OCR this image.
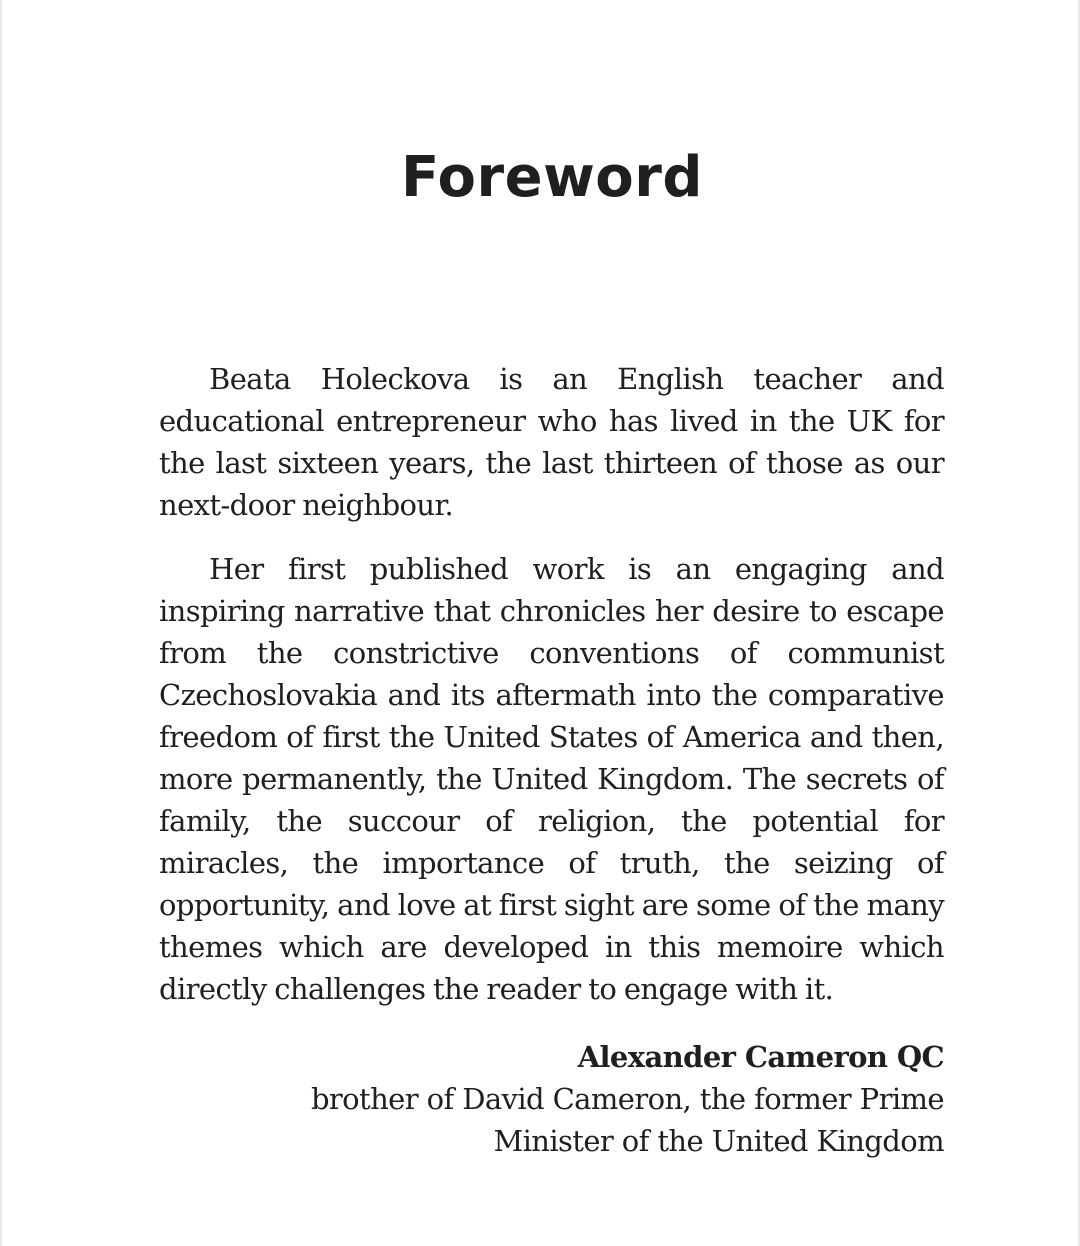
Foreword

Beata Holeckova is an English teacher and educational entrepreneur who has lived in the UK for the last sixteen years, the last thirteen of those as our next-door neighbour.

Her first published work is an engaging and inspiring narrative that chronicles her desire to escape from the constrictive conventions of communist Czechoslovakia and its aftermath into the comparative freedom of first the United States of America and then, more permanently, the United Kingdom. The secrets of family, the succour of religion, the potential for miracles, the importance of truth, the seizing of opportunity, and love at first sight are some of the many themes which are developed in this memoire which directly challenges the reader to engage with it.

Alexander Cameron QC
brother of David Cameron, the former Prime
Minister of the United Kingdom
